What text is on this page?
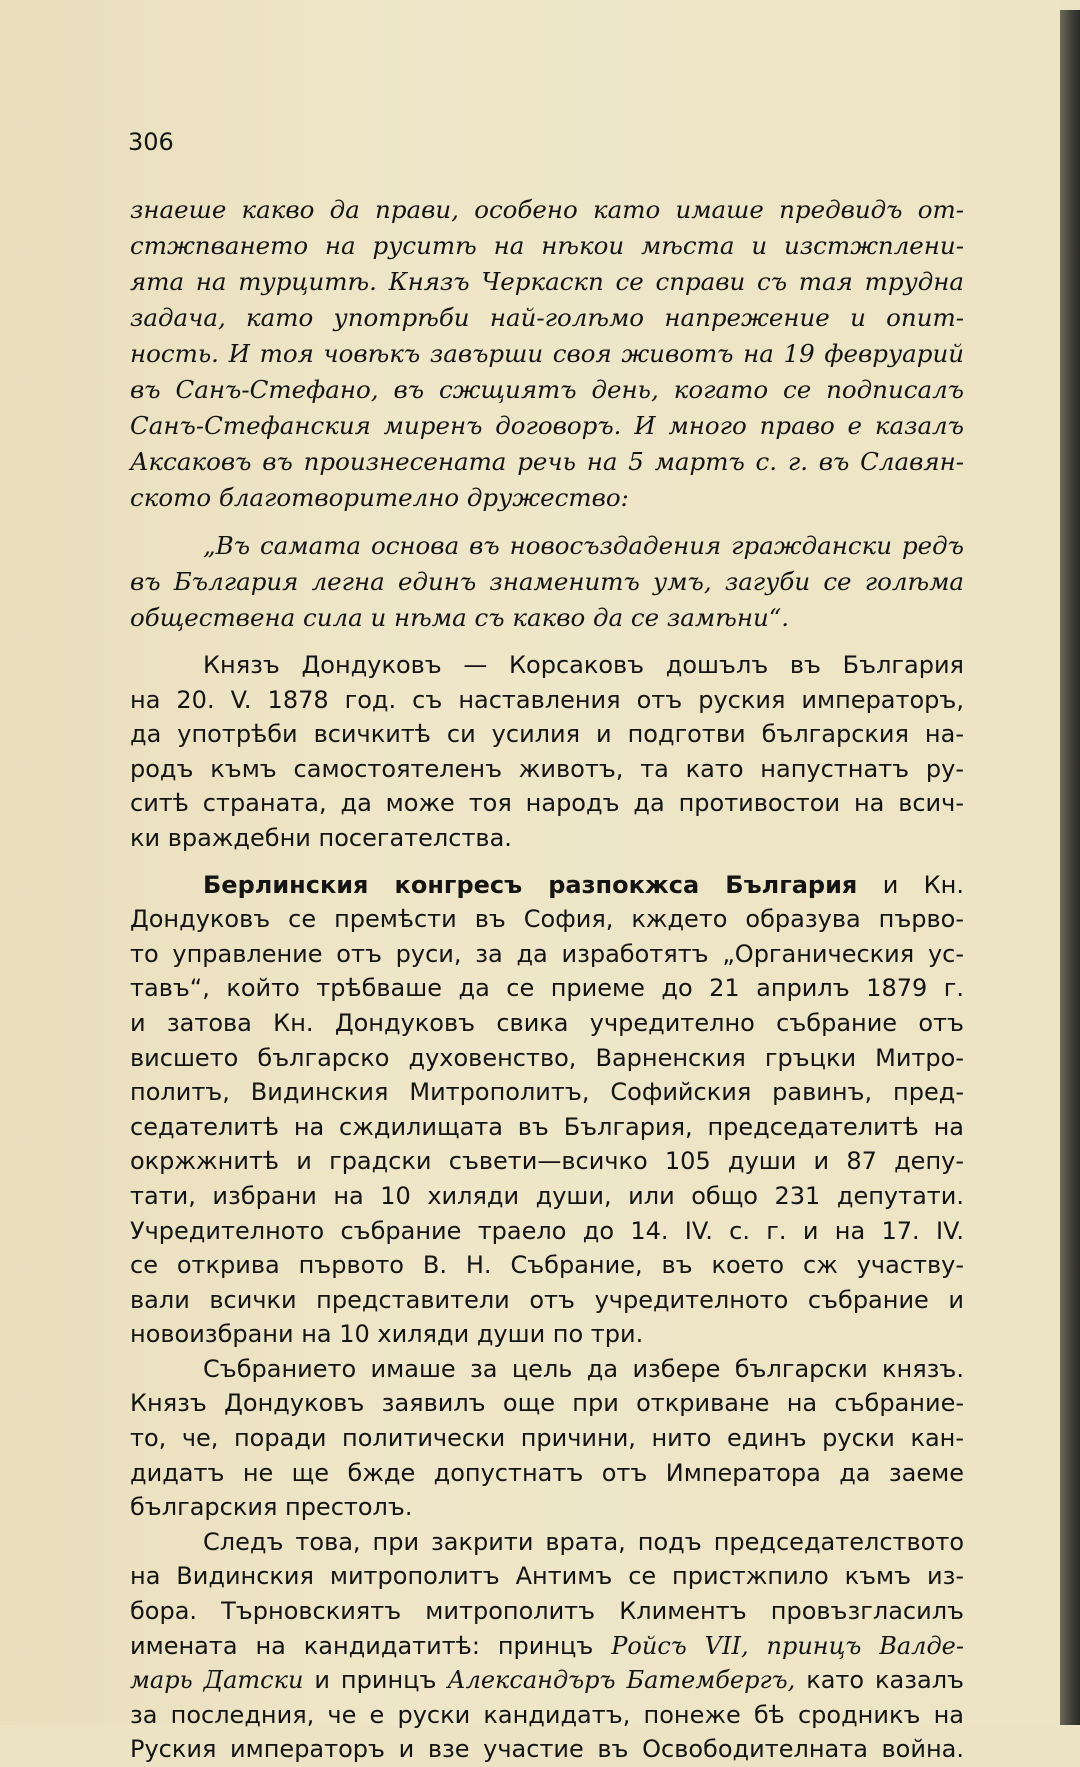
306
знаеше какво да прави, особено като имаше предвидъ от-
стжпването на руситѣ на нѣкои мѣста и изстжплени-
ята на турцитѣ. Князъ Черкаскп се справи съ тая трудна
задача, като употрѣби най-голѣмо напрежение и опит-
ность. И тоя човѣкъ завърши своя животъ на 19 февруарий
въ Санъ-Стефано, въ сжщиятъ день, когато се подписалъ
Санъ-Стефанския миренъ договоръ. И много право е казалъ
Аксаковъ въ произнесената речь на 5 мартъ с. г. въ Славян-
ското благотворително дружество:
„Въ самата основа въ новосъздадения граждански редъ
въ България легна единъ знаменитъ умъ, загуби се голѣма
обществена сила и нѣма съ какво да се замѣни“.
Князъ Дондуковъ — Корсаковъ дошълъ въ България
на 20. V. 1878 год. съ наставления отъ руския императоръ,
да употрѣби всичкитѣ си усилия и подготви българския на-
родъ къмъ самостоятеленъ животъ, та като напустнатъ ру-
ситѣ страната, да може тоя народъ да противостои на всич-
ки враждебни посегателства.
Берлинския конгресъ разпокжса България и Кн.
Дондуковъ се премѣсти въ София, кждето образува първо-
то управление отъ руси, за да изработятъ „Органическия ус-
тавъ“, който трѣбваше да се приеме до 21 априлъ 1879 г.
и затова Кн. Дондуковъ свика учредително събрание отъ
висшето българско духовенство, Варненския гръцки Митро-
политъ, Видинския Митрополитъ, Софийския равинъ, пред-
седателитѣ на сждилищата въ България, председателитѣ на
окржжнитѣ и градски съвети—всичко 105 души и 87 депу-
тати, избрани на 10 хиляди души, или общо 231 депутати.
Учредителното събрание траело до 14. IV. с. г. и на 17. IV.
се открива първото В. Н. Събрание, въ което сж участву-
вали всички представители отъ учредителното събрание и
новоизбрани на 10 хиляди души по три.
Събранието имаше за цель да избере български князъ.
Князъ Дондуковъ заявилъ още при откриване на събрание-
то, че, поради политически причини, нито единъ руски кан-
дидатъ не ще бжде допустнатъ отъ Императора да заеме
българския престолъ.
Следъ това, при закрити врата, подъ председателството
на Видинския митрополитъ Антимъ се пристжпило къмъ из-
бора. Търновскиятъ митрополитъ Климентъ провъзгласилъ
имената на кандидатитѣ: принцъ Ройсъ VII, принцъ Валде-
марь Датски и принцъ Александъръ Батембергъ, като казалъ
за последния, че е руски кандидатъ, понеже бѣ сродникъ на
Руския императоръ и взе участие въ Освободителната война.
